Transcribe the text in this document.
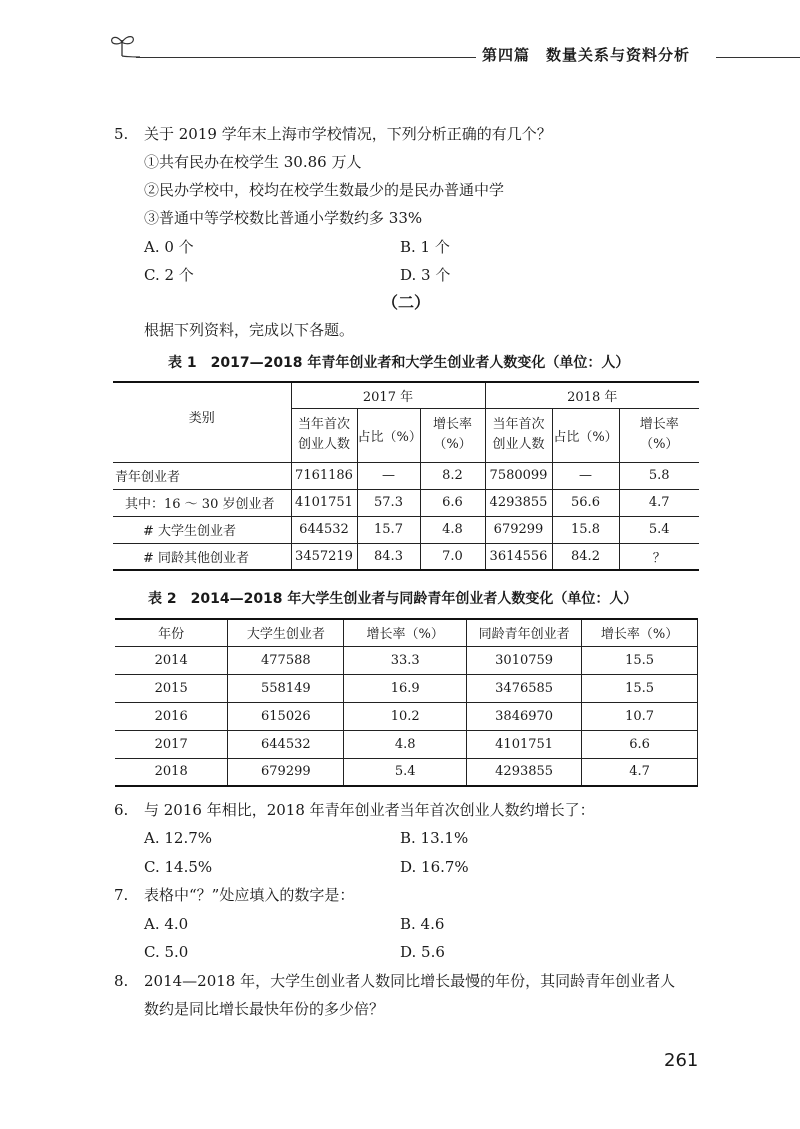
第四篇　数量关系与资料分析
5. 关于 2019 学年末上海市学校情况，下列分析正确的有几个？
①共有民办在校学生 30.86 万人
②民办学校中，校均在校学生数最少的是民办普通中学
③普通中等学校数比普通小学数约多 33%
A. 0 个	B. 1 个
C. 2 个	D. 3 个
（二）
根据下列资料，完成以下各题。
表 1　2017—2018 年青年创业者和大学生创业者人数变化（单位：人）
类别	2017 年			2018 年		
	当年首次创业人数	占比（%）	增长率（%）	当年首次创业人数	占比（%）	增长率（%）
青年创业者	7161186	—	8.2	7580099	—	5.8
其中：16 ～ 30 岁创业者	4101751	57.3	6.6	4293855	56.6	4.7
# 大学生创业者	644532	15.7	4.8	679299	15.8	5.4
# 同龄其他创业者	3457219	84.3	7.0	3614556	84.2	？
表 2　2014—2018 年大学生创业者与同龄青年创业者人数变化（单位：人）
年份	大学生创业者	增长率（%）	同龄青年创业者	增长率（%）
2014	477588	33.3	3010759	15.5
2015	558149	16.9	3476585	15.5
2016	615026	10.2	3846970	10.7
2017	644532	4.8	4101751	6.6
2018	679299	5.4	4293855	4.7
6. 与 2016 年相比，2018 年青年创业者当年首次创业人数约增长了：
A. 12.7%	B. 13.1%
C. 14.5%	D. 16.7%
7. 表格中“？”处应填入的数字是：
A. 4.0	B. 4.6
C. 5.0	D. 5.6
8. 2014—2018 年，大学生创业者人数同比增长最慢的年份，其同龄青年创业者人
数约是同比增长最快年份的多少倍？
261
